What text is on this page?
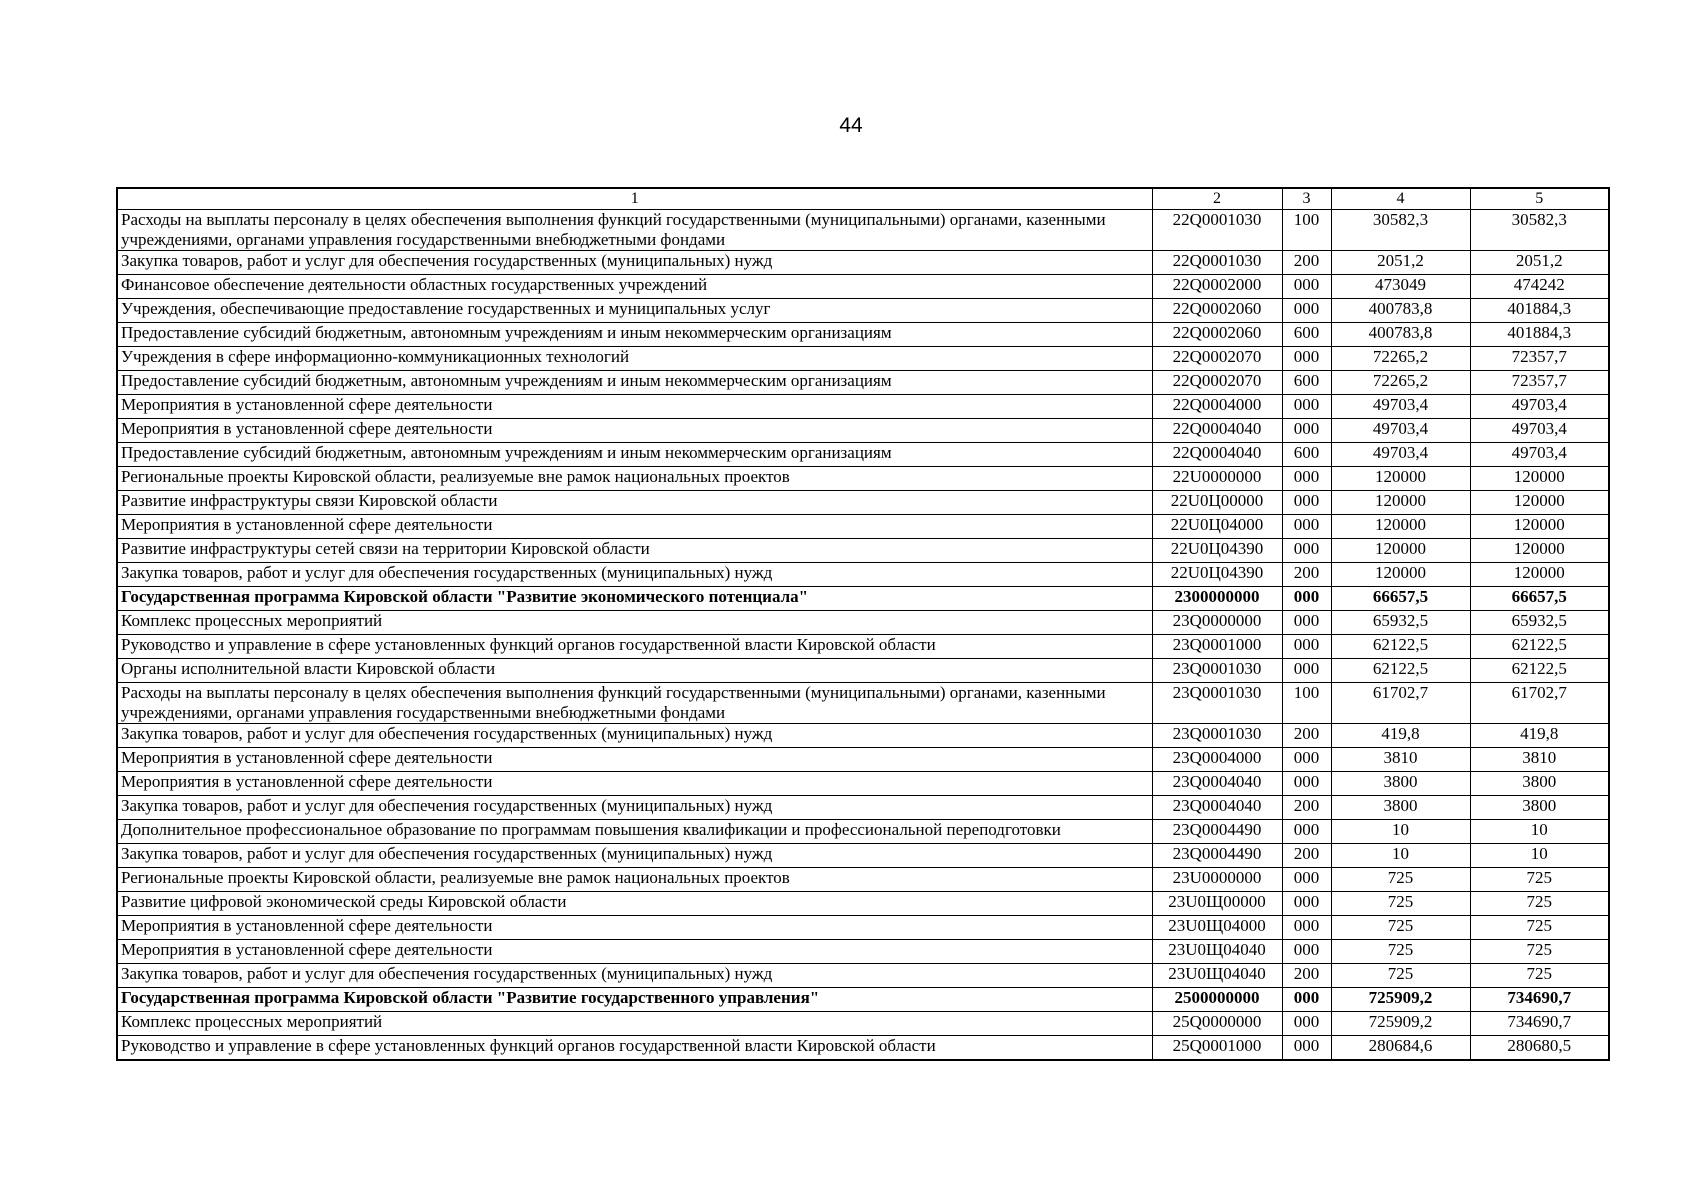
44
1	2	3	4	5
Расходы на выплаты персоналу в целях обеспечения выполнения функций государственными (муниципальными) органами, казенными учреждениями, органами управления государственными внебюджетными фондами	22Q0001030	100	30582,3	30582,3
Закупка товаров, работ и услуг для обеспечения государственных (муниципальных) нужд	22Q0001030	200	2051,2	2051,2
Финансовое обеспечение деятельности областных государственных учреждений	22Q0002000	000	473049	474242
Учреждения, обеспечивающие предоставление государственных и муниципальных услуг	22Q0002060	000	400783,8	401884,3
Предоставление субсидий бюджетным, автономным учреждениям и иным некоммерческим организациям	22Q0002060	600	400783,8	401884,3
Учреждения в сфере информационно-коммуникационных технологий	22Q0002070	000	72265,2	72357,7
Предоставление субсидий бюджетным, автономным учреждениям и иным некоммерческим организациям	22Q0002070	600	72265,2	72357,7
Мероприятия в установленной сфере деятельности	22Q0004000	000	49703,4	49703,4
Мероприятия в установленной сфере деятельности	22Q0004040	000	49703,4	49703,4
Предоставление субсидий бюджетным, автономным учреждениям и иным некоммерческим организациям	22Q0004040	600	49703,4	49703,4
Региональные проекты Кировской области, реализуемые вне рамок национальных проектов	22U0000000	000	120000	120000
Развитие инфраструктуры связи Кировской области	22U0Ц00000	000	120000	120000
Мероприятия в установленной сфере деятельности	22U0Ц04000	000	120000	120000
Развитие инфраструктуры сетей связи на территории Кировской области	22U0Ц04390	000	120000	120000
Закупка товаров, работ и услуг для обеспечения государственных (муниципальных) нужд	22U0Ц04390	200	120000	120000
Государственная программа Кировской области "Развитие экономического потенциала"	2300000000	000	66657,5	66657,5
Комплекс процессных мероприятий	23Q0000000	000	65932,5	65932,5
Руководство и управление в сфере установленных функций органов государственной власти Кировской области	23Q0001000	000	62122,5	62122,5
Органы исполнительной власти Кировской области	23Q0001030	000	62122,5	62122,5
Расходы на выплаты персоналу в целях обеспечения выполнения функций государственными (муниципальными) органами, казенными учреждениями, органами управления государственными внебюджетными фондами	23Q0001030	100	61702,7	61702,7
Закупка товаров, работ и услуг для обеспечения государственных (муниципальных) нужд	23Q0001030	200	419,8	419,8
Мероприятия в установленной сфере деятельности	23Q0004000	000	3810	3810
Мероприятия в установленной сфере деятельности	23Q0004040	000	3800	3800
Закупка товаров, работ и услуг для обеспечения государственных (муниципальных) нужд	23Q0004040	200	3800	3800
Дополнительное профессиональное образование по программам повышения квалификации и профессиональной переподготовки	23Q0004490	000	10	10
Закупка товаров, работ и услуг для обеспечения государственных (муниципальных) нужд	23Q0004490	200	10	10
Региональные проекты Кировской области, реализуемые вне рамок национальных проектов	23U0000000	000	725	725
Развитие цифровой экономической среды Кировской области	23U0Щ00000	000	725	725
Мероприятия в установленной сфере деятельности	23U0Щ04000	000	725	725
Мероприятия в установленной сфере деятельности	23U0Щ04040	000	725	725
Закупка товаров, работ и услуг для обеспечения государственных (муниципальных) нужд	23U0Щ04040	200	725	725
Государственная программа Кировской области "Развитие государственного управления"	2500000000	000	725909,2	734690,7
Комплекс процессных мероприятий	25Q0000000	000	725909,2	734690,7
Руководство и управление в сфере установленных функций органов государственной власти Кировской области	25Q0001000	000	280684,6	280680,5
